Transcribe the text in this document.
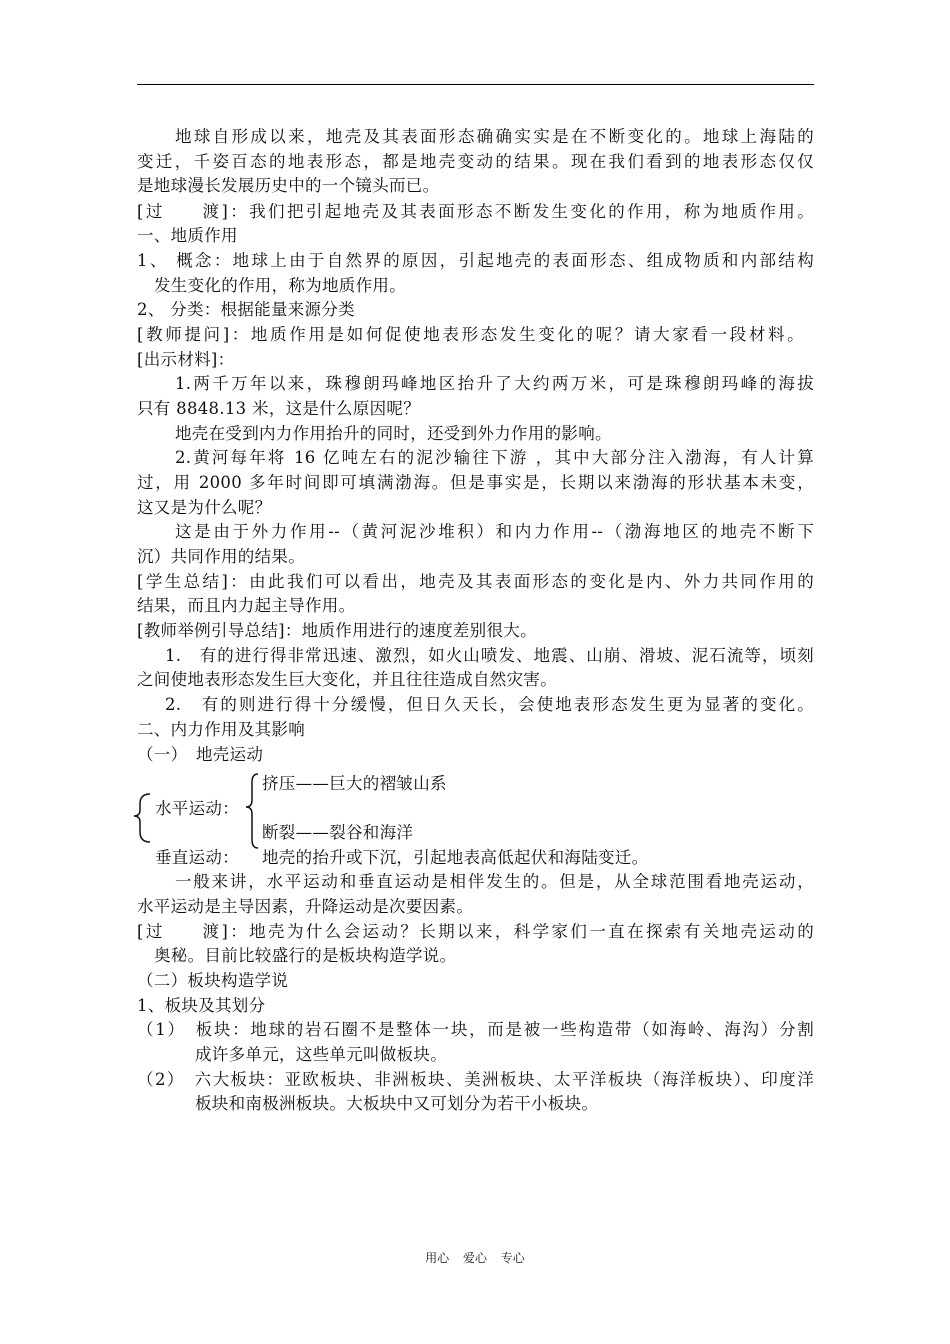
地球自形成以来，地壳及其表面形态确确实实是在不断变化的。地球上海陆的
变迁，千姿百态的地表形态，都是地壳变动的结果。现在我们看到的地表形态仅仅
是地球漫长发展历史中的一个镜头而已。
[过　　渡]：我们把引起地壳及其表面形态不断发生变化的作用，称为地质作用。
一、地质作用
1、 概念：地球上由于自然界的原因，引起地壳的表面形态、组成物质和内部结构
发生变化的作用，称为地质作用。
2、 分类：根据能量来源分类
[教师提问]：地质作用是如何促使地表形态发生变化的呢？请大家看一段材料。
[出示材料]：
1.两千万年以来，珠穆朗玛峰地区抬升了大约两万米，可是珠穆朗玛峰的海拔
只有 8848.13 米，这是什么原因呢？
地壳在受到内力作用抬升的同时，还受到外力作用的影响。
2.黄河每年将 16 亿吨左右的泥沙输往下游 ，其中大部分注入渤海，有人计算
过，用 2000 多年时间即可填满渤海。但是事实是，长期以来渤海的形状基本未变，
这又是为什么呢？
这是由于外力作用--（黄河泥沙堆积）和内力作用--（渤海地区的地壳不断下
沉）共同作用的结果。
[学生总结]：由此我们可以看出，地壳及其表面形态的变化是内、外力共同作用的
结果，而且内力起主导作用。
[教师举例引导总结]：地质作用进行的速度差别很大。
1.　有的进行得非常迅速、激烈，如火山喷发、地震、山崩、滑坡、泥石流等，顷刻
之间使地表形态发生巨大变化，并且往往造成自然灾害。
2.　有的则进行得十分缓慢，但日久天长，会使地表形态发生更为显著的变化。
二、内力作用及其影响
（一）　地壳运动
挤压——巨大的褶皱山系
水平运动：
断裂——裂谷和海洋
垂直运动： 地壳的抬升或下沉，引起地表高低起伏和海陆变迁。
一般来讲，水平运动和垂直运动是相伴发生的。但是，从全球范围看地壳运动，
水平运动是主导因素，升降运动是次要因素。
[过　　渡]：地壳为什么会运动？长期以来，科学家们一直在探索有关地壳运动的
奥秘。目前比较盛行的是板块构造学说。
（二）板块构造学说
1、板块及其划分
（1）　板块：地球的岩石圈不是整体一块，而是被一些构造带（如海岭、海沟）分割
成许多单元，这些单元叫做板块。
（2）　六大板块：亚欧板块、非洲板块、美洲板块、太平洋板块（海洋板块）、印度洋
板块和南极洲板块。大板块中又可划分为若干小板块。
用心 爱心 专心
